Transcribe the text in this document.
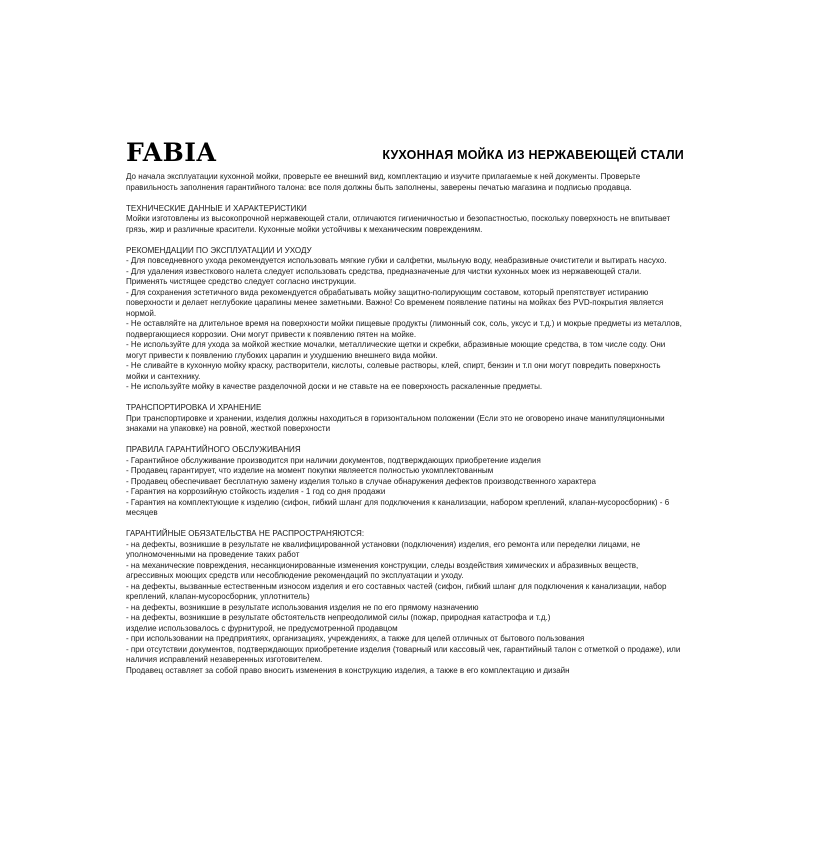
FABIA	КУХОННАЯ МОЙКА ИЗ НЕРЖАВЕЮЩЕЙ СТАЛИ

До начала эксплуатации кухонной мойки, проверьте ее внешний вид, комплектацию и изучите прилагаемые к ней документы. Проверьте правильность заполнения гарантийного талона: все поля должны быть заполнены, заверены печатью магазина и подписью продавца.

ТЕХНИЧЕСКИЕ ДАННЫЕ И ХАРАКТЕРИСТИКИ

Мойки изготовлены из высокопрочной нержавеющей стали, отличаются гигиеничностью и безопастностью, поскольку поверхность не впитывает грязь, жир и различные красители. Кухонные мойки устойчивы к механическим повреждениям.

РЕКОМЕНДАЦИИ ПО ЭКСПЛУАТАЦИИ И УХОДУ

- Для повседневного ухода рекомендуется использовать мягкие губки и салфетки, мыльную воду, неабразивные очистители и вытирать насухо.

- Для удаления известкового налета следует использовать средства, предназначеные для чистки кухонных моек из нержавеющей стали. Применять чистящее средство следует согласно инструкции.

- Для сохранения эстетичного вида рекомендуется обрабатывать мойку защитно-полирующим составом, который препятствует истиранию поверхности и делает неглубокие царапины менее заметными. Важно! Со временем появление патины на мойках без PVD-покрытия является нормой.

- Не оставляйте на длительное время на поверхности мойки пищевые продукты (лимонный сок, соль, уксус и т.д.) и мокрые предметы из металлов, подвергающиеся коррозии. Они могут привести к появлению пятен на мойке.

- Не используйте для ухода за мойкой жесткие мочалки, металлические щетки и скребки, абразивные моющие средства, в том числе соду. Они могут привести к появлению глубоких царапин и ухудшению внешнего вида мойки.

- Не сливайте в кухонную мойку краску, растворители, кислоты, солевые растворы, клей, спирт, бензин и т.п они могут повредить поверхность мойки и сантехнику.

- Не используйте мойку в качестве разделочной доски и не ставьте на ее поверхность раскаленные предметы.

ТРАНСПОРТИРОВКА И ХРАНЕНИЕ

При транспортировке и хранении, изделия должны находиться в горизонтальном положении (Если это не оговорено иначе манипуляционными знаками на упаковке) на ровной, жесткой поверхности

ПРАВИЛА ГАРАНТИЙНОГО ОБСЛУЖИВАНИЯ

- Гарантийное обслуживание производится при наличии документов, подтверждающих приобретение изделия

- Продавец гарантирует, что изделие на момент покупки являеется полностью укомплектованным

- Продавец обеспечивает бесплатную замену изделия только в случае обнаружения дефектов производственного характера

- Гарантия на коррозийную стойкость изделия - 1 год со дня продажи

- Гарантия на комплектующие к изделию (сифон, гибкий шланг для подключения к канализации, набором креплений, клапан-мусоросборник) - 6 месяцев

ГАРАНТИЙНЫЕ ОБЯЗАТЕЛЬСТВА НЕ РАСПРОСТРАНЯЮТСЯ:

- на дефекты, возникшие в результате не квалифицированной установки (подключения) изделия, его ремонта или переделки лицами, не уполномоченными на проведение таких работ

- на механические повреждения, несанкционированные изменения конструкции, следы воздействия химических и абразивных веществ, агрессивных моющих средств или несоблюдение рекомендаций по эксплуатации и уходу.

- на дефекты, вызванные естественным износом изделия и его составных частей (сифон, гибкий шланг для подключения к канализации, набор креплений, клапан-мусоросборник, уплотнитель)

- на дефекты, возникшие в результате использования изделия не по его прямому назначению

- на дефекты, возникшие в результате обстоятельств непреодолимой силы (пожар, природная катастрофа и т.д.)

изделие использовалось с фурнитурой, не предусмотренной продавцом

- при использовании на предприятиях, организациях, учреждениях, а также для целей отличных от бытового пользования

- при отсутствии документов, подтверждающих приобретение изделия (товарный или кассовый чек, гарантийный талон с отметкой о продаже), или наличия исправлений незаверенных изготовителем.

Продавец оставляет за собой право вносить изменения в конструкцию изделия, а также в его комплектацию и дизайн
